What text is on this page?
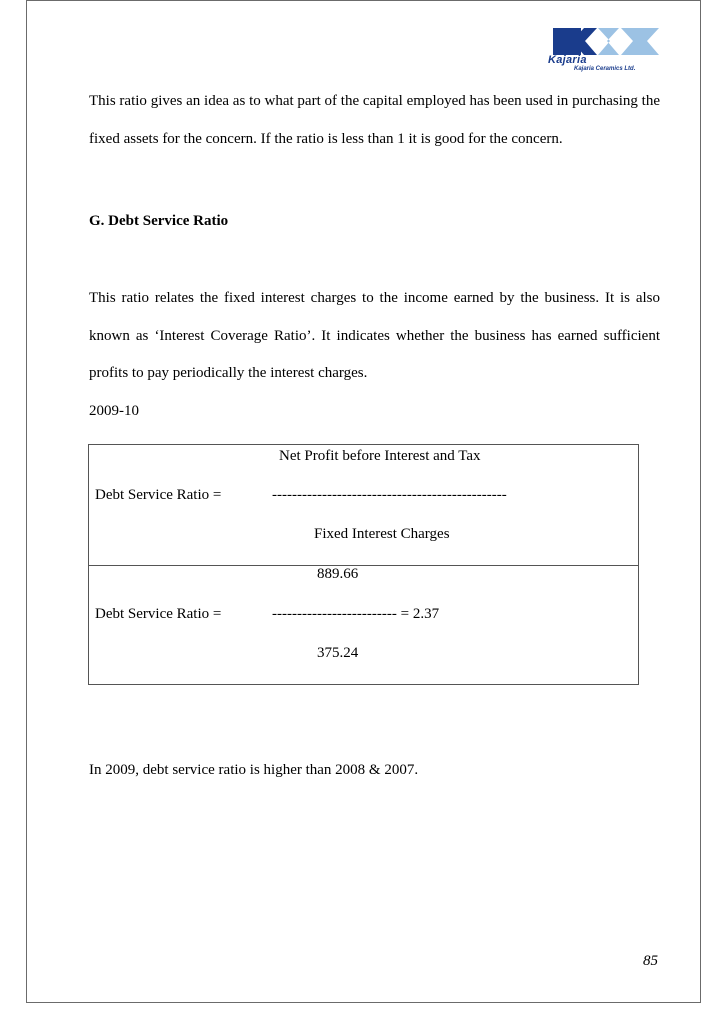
Kajaria
Kajaria Ceramics Ltd.

This ratio gives an idea as to what part of the capital employed has been used in purchasing the fixed assets for the concern. If the ratio is less than 1 it is good for the concern.

G. Debt Service Ratio

This ratio relates the fixed interest charges to the income earned by the business. It is also known as ‘Interest Coverage Ratio’. It indicates whether the business has earned sufficient profits to pay periodically the interest charges.

2009-10

Net Profit before Interest and Tax

Debt Service Ratio =	-----------------------------------------------

Fixed Interest Charges

889.66

Debt Service Ratio =	------------------------- = 2.37

375.24

In 2009, debt service ratio is higher than 2008 & 2007.

85
